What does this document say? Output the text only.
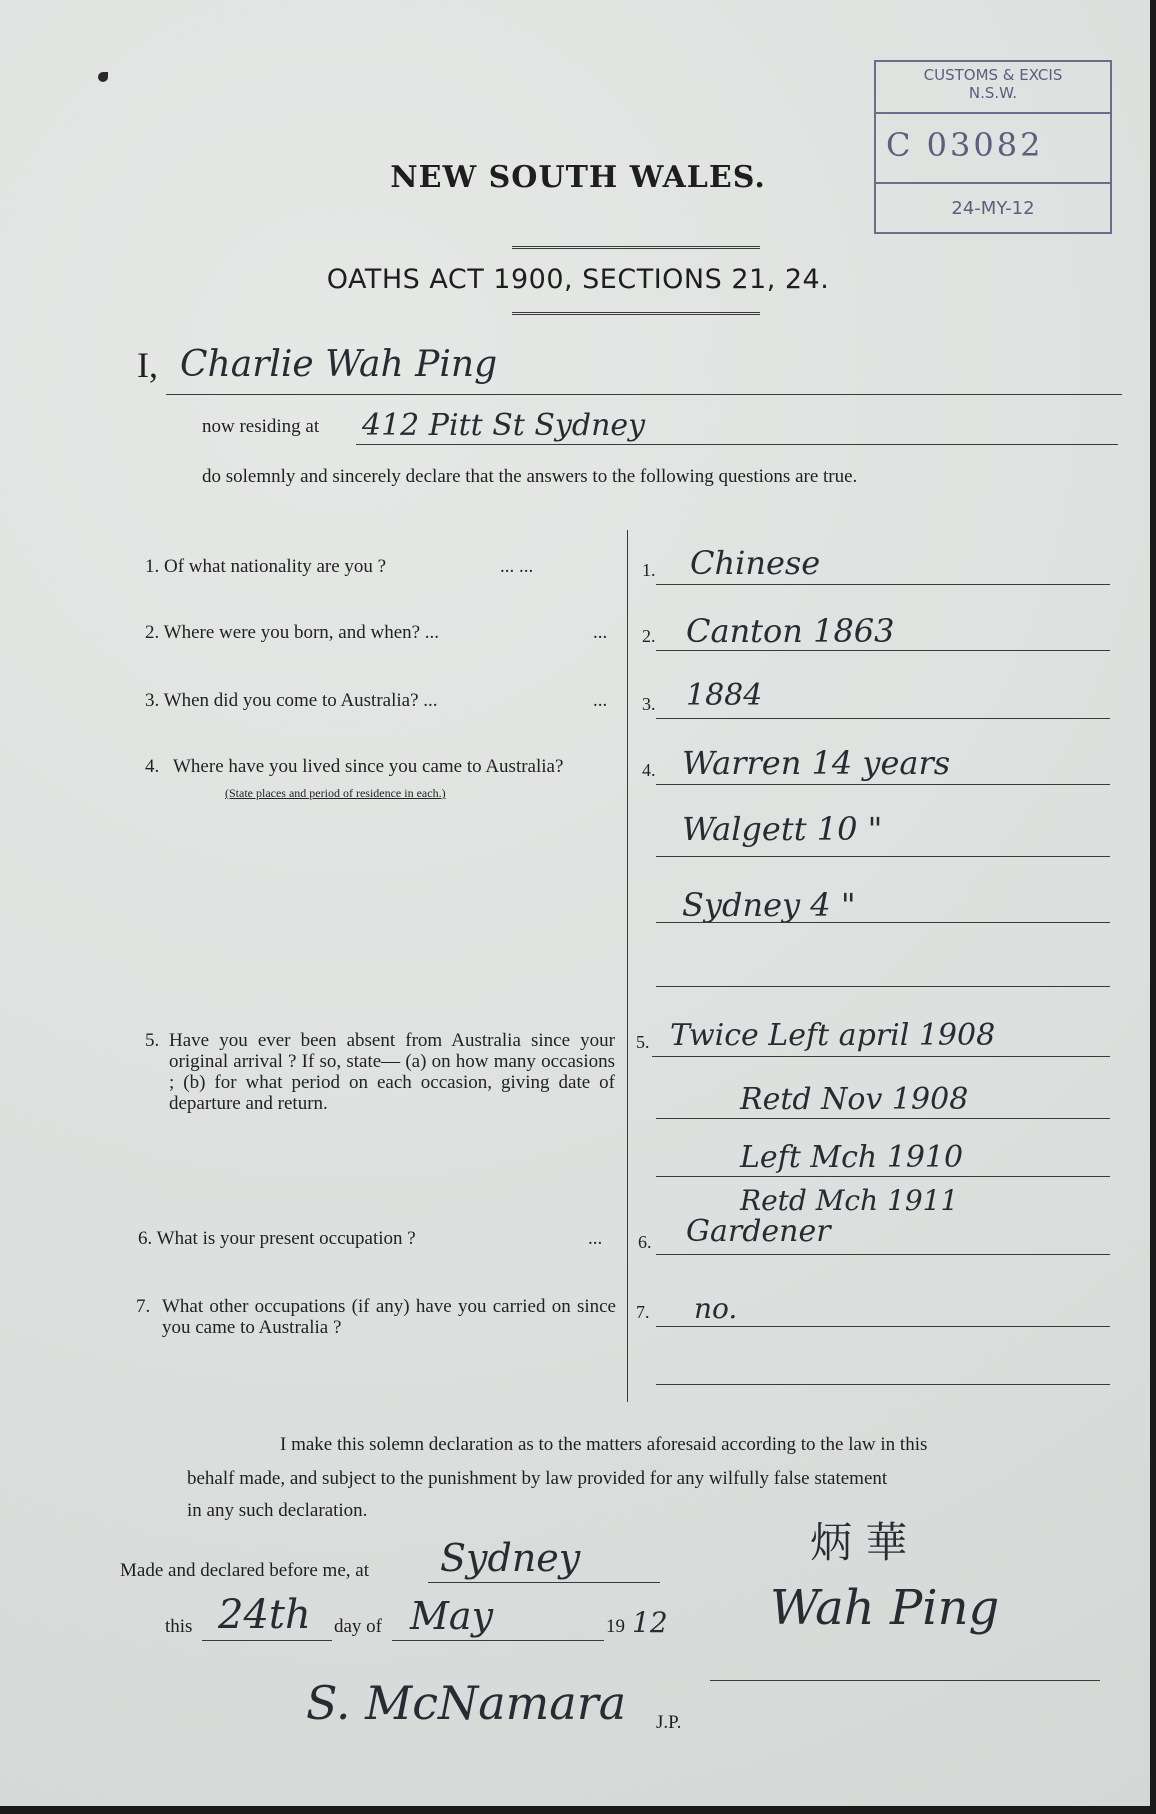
NEW SOUTH WALES.
OATHS ACT 1900, SECTIONS 21, 24.
CUSTOMS & EXCIS
N.S.W.
C 03082
24-MY-12
I, Charlie Wah Ping
now residing at 412 Pitt St Sydney
do solemnly and sincerely declare that the answers to the following questions are true.
1. Of what nationality are you ?	... ...	1. Chinese
2. Where were you born, and when? ...	... 2. Canton 1863
3. When did you come to Australia? ...	... 3. 1884
4. Where have you lived since you came to Australia?
(State places and period of residence in each.)
4. Warren 14 years
Walgett 10 "
Sydney 4 "
5. Have you ever been absent from Australia since your original arrival ? If so, state— (a) on how many occasions ; (b) for what period on each occasion, giving date of departure and return.
5. Twice Left april 1908
Retd Nov 1908
Left Mch 1910
Retd Mch 1911
6. What is your present occupation ?	... 6. Gardener
7. What other occupations (if any) have you carried on since you came to Australia ?
7. no.
I make this solemn declaration as to the matters aforesaid according to the law in this
behalf made, and subject to the punishment by law provided for any wilfully false statement
in any such declaration.
Made and declared before me, at Sydney
this 24th day of May	19 12
S. McNamara J.P.
炳 華
Wah Ping
